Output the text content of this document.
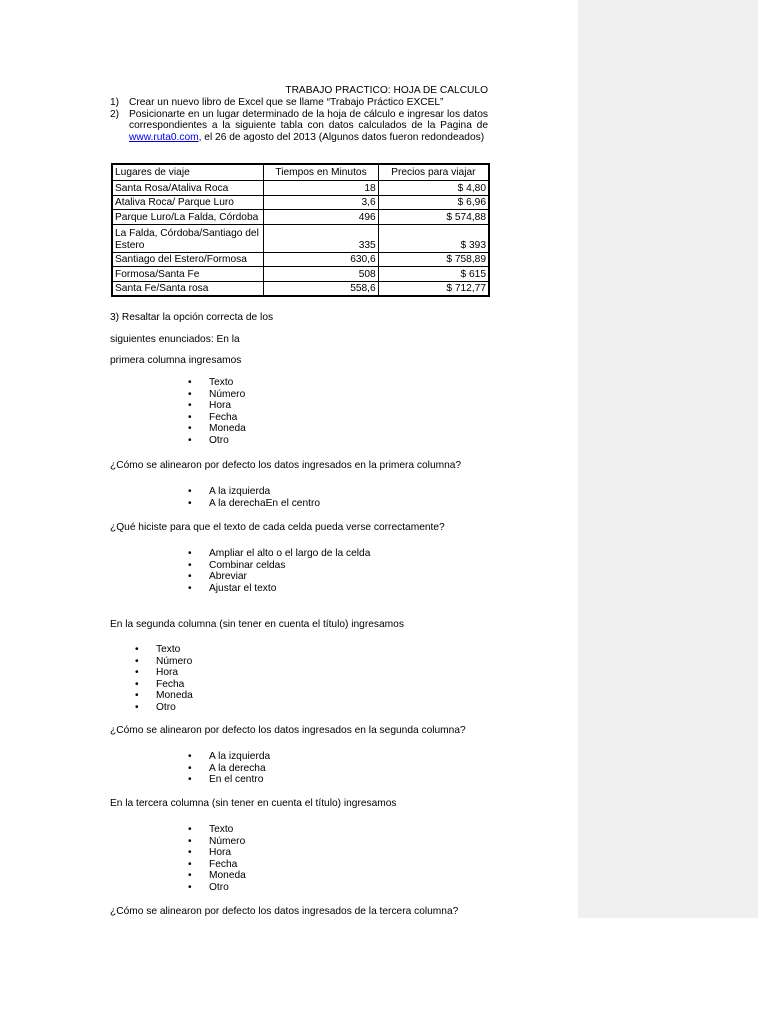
TRABAJO PRACTICO: HOJA DE CALCULO
1) Crear un nuevo libro de Excel que se llame “Trabajo Práctico EXCEL”
2) Posicionarte en un lugar determinado de la hoja de cálculo e ingresar los datos
correspondientes a la siguiente tabla con datos calculados de la Pagina de
www.ruta0.com, el 26 de agosto del 2013 (Algunos datos fueron redondeados)
Lugares de viaje	Tiempos en Minutos	Precios para viajar
Santa Rosa/Ataliva Roca	18	$ 4,80
Ataliva Roca/ Parque Luro	3,6	$ 6,96
Parque Luro/La Falda, Córdoba	496	$ 574,88
La Falda, Córdoba/Santiago del Estero	335	$ 393
Santiago del Estero/Formosa	630,6	$ 758,89
Formosa/Santa Fe	508	$ 615
Santa Fe/Santa rosa	558,6	$ 712,77
3) Resaltar la opción correcta de los
siguientes enunciados: En la
primera columna ingresamos
• Texto
• Número
• Hora
• Fecha
• Moneda
• Otro
¿Cómo se alinearon por defecto los datos ingresados en la primera columna?
• A la izquierda
• A la derechaEn el centro
¿Qué hiciste para que el texto de cada celda pueda verse correctamente?
• Ampliar el alto o el largo de la celda
• Combinar celdas
• Abreviar
• Ajustar el texto
En la segunda columna (sin tener en cuenta el título) ingresamos
• Texto
• Número
• Hora
• Fecha
• Moneda
• Otro
¿Cómo se alinearon por defecto los datos ingresados en la segunda columna?
• A la izquierda
• A la derecha
• En el centro
En la tercera columna (sin tener en cuenta el título) ingresamos
• Texto
• Número
• Hora
• Fecha
• Moneda
• Otro
¿Cómo se alinearon por defecto los datos ingresados de la tercera columna?
